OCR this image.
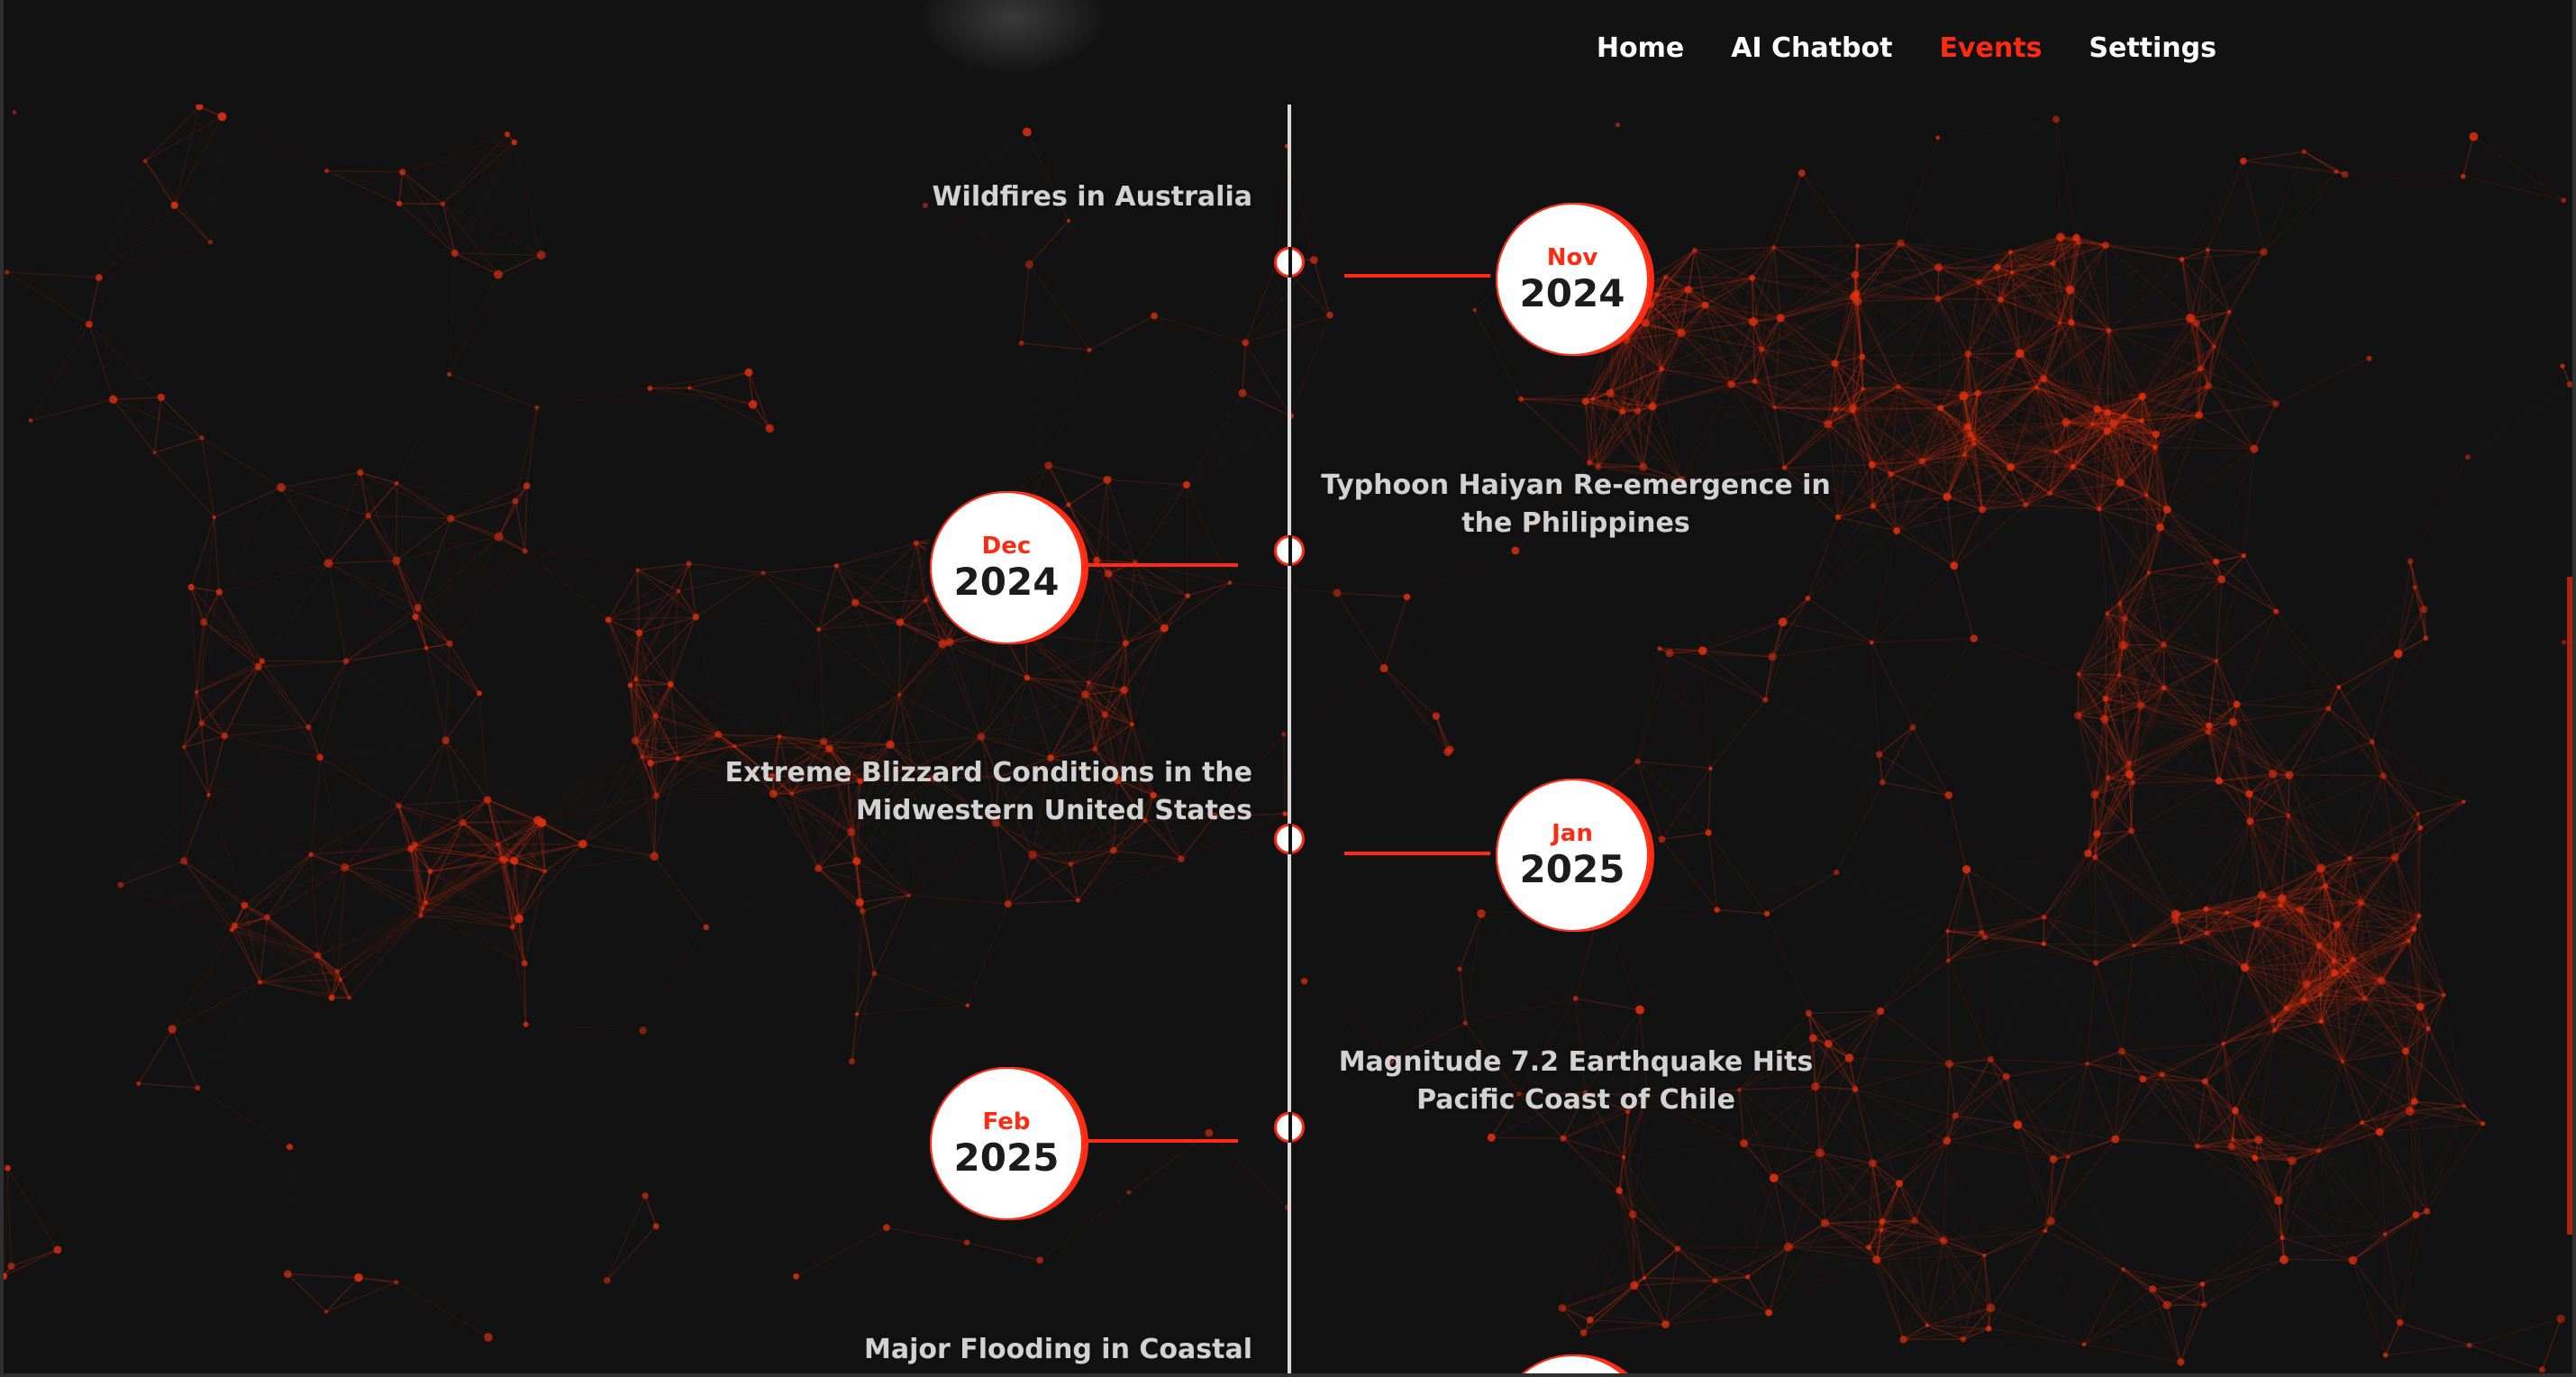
Home AI Chatbot Events Settings
Wildfires in Australia
Nov
2024
Typhoon Haiyan Re-emergence in the Philippines
Dec
2024
Extreme Blizzard Conditions in the Midwestern United States
Jan
2025
Magnitude 7.2 Earthquake Hits Pacific Coast of Chile
Feb
2025
Major Flooding in Coastal
